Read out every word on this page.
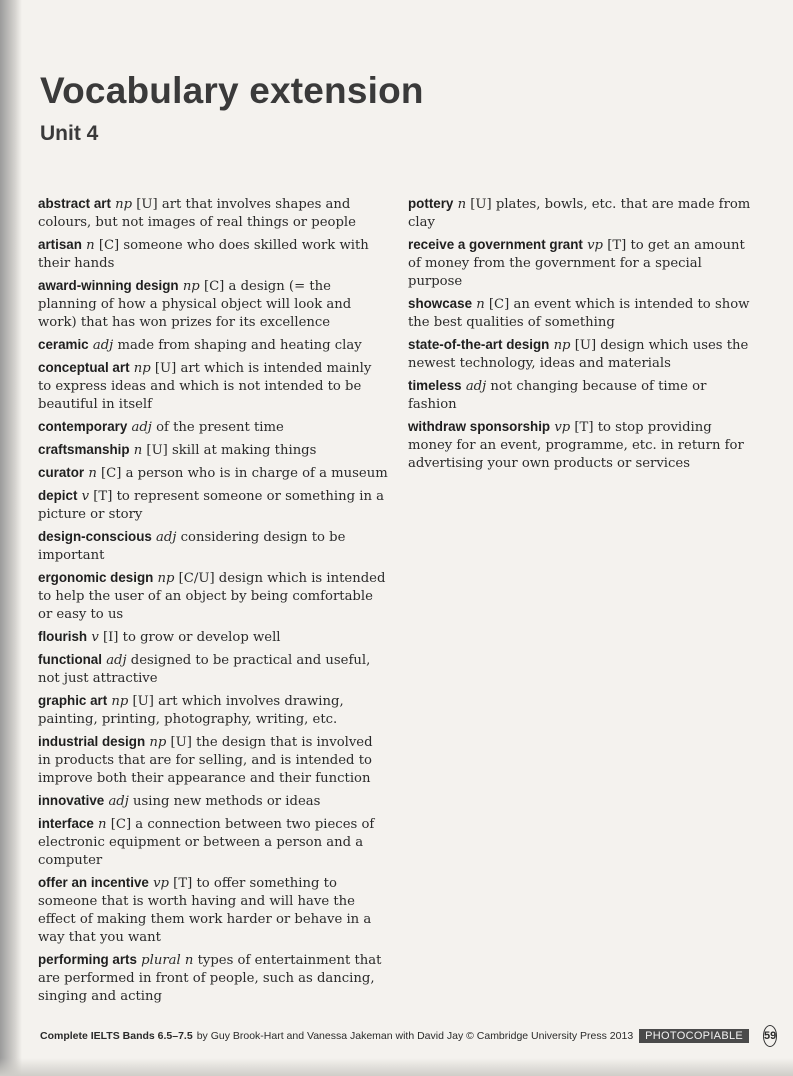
Vocabulary extension
Unit 4

abstract art np [U] art that involves shapes and colours, but not images of real things or people

artisan n [C] someone who does skilled work with their hands

award-winning design np [C] a design (= the planning of how a physical object will look and work) that has won prizes for its excellence

ceramic adj made from shaping and heating clay

conceptual art np [U] art which is intended mainly to express ideas and which is not intended to be beautiful in itself

contemporary adj of the present time

craftsmanship n [U] skill at making things

curator n [C] a person who is in charge of a museum

depict v [T] to represent someone or something in a picture or story

design-conscious adj considering design to be important

ergonomic design np [C/U] design which is intended to help the user of an object by being comfortable or easy to us

flourish v [I] to grow or develop well

functional adj designed to be practical and useful, not just attractive

graphic art np [U] art which involves drawing, painting, printing, photography, writing, etc.

industrial design np [U] the design that is involved in products that are for selling, and is intended to improve both their appearance and their function

innovative adj using new methods or ideas

interface n [C] a connection between two pieces of electronic equipment or between a person and a computer

offer an incentive vp [T] to offer something to someone that is worth having and will have the effect of making them work harder or behave in a way that you want

performing arts plural n types of entertainment that are performed in front of people, such as dancing, singing and acting

pottery n [U] plates, bowls, etc. that are made from clay

receive a government grant vp [T] to get an amount of money from the government for a special purpose

showcase n [C] an event which is intended to show the best qualities of something

state-of-the-art design np [U] design which uses the newest technology, ideas and materials

timeless adj not changing because of time or fashion

withdraw sponsorship vp [T] to stop providing money for an event, programme, etc. in return for advertising your own products or services

Complete IELTS Bands 6.5–7.5 by Guy Brook-Hart and Vanessa Jakeman with David Jay © Cambridge University Press 2013	PHOTOCOPIABLE	59
